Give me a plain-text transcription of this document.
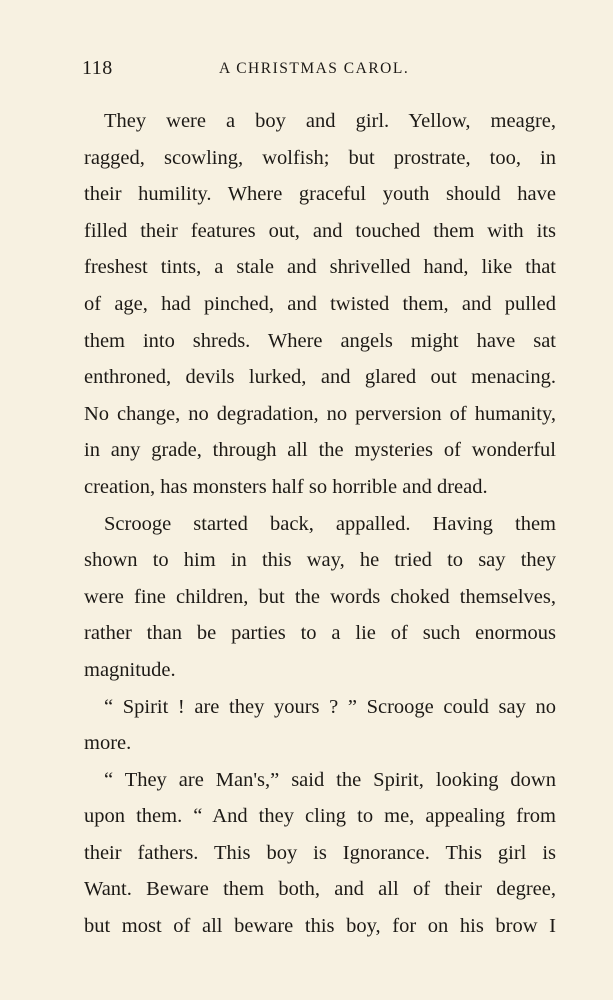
118	A CHRISTMAS CAROL.
They were a boy and girl. Yellow, meagre,
ragged, scowling, wolfish; but prostrate, too, in
their humility. Where graceful youth should have
filled their features out, and touched them with its
freshest tints, a stale and shrivelled hand, like that
of age, had pinched, and twisted them, and pulled
them into shreds. Where angels might have sat
enthroned, devils lurked, and glared out menacing.
No change, no degradation, no perversion of humanity,
in any grade, through all the mysteries of wonderful
creation, has monsters half so horrible and dread.
Scrooge started back, appalled. Having them
shown to him in this way, he tried to say they
were fine children, but the words choked themselves,
rather than be parties to a lie of such enormous
magnitude.
“ Spirit ! are they yours ? ” Scrooge could say no
more.
“ They are Man's,” said the Spirit, looking down
upon them. “ And they cling to me, appealing from
their fathers. This boy is Ignorance. This girl is
Want. Beware them both, and all of their degree,
but most of all beware this boy, for on his brow I
